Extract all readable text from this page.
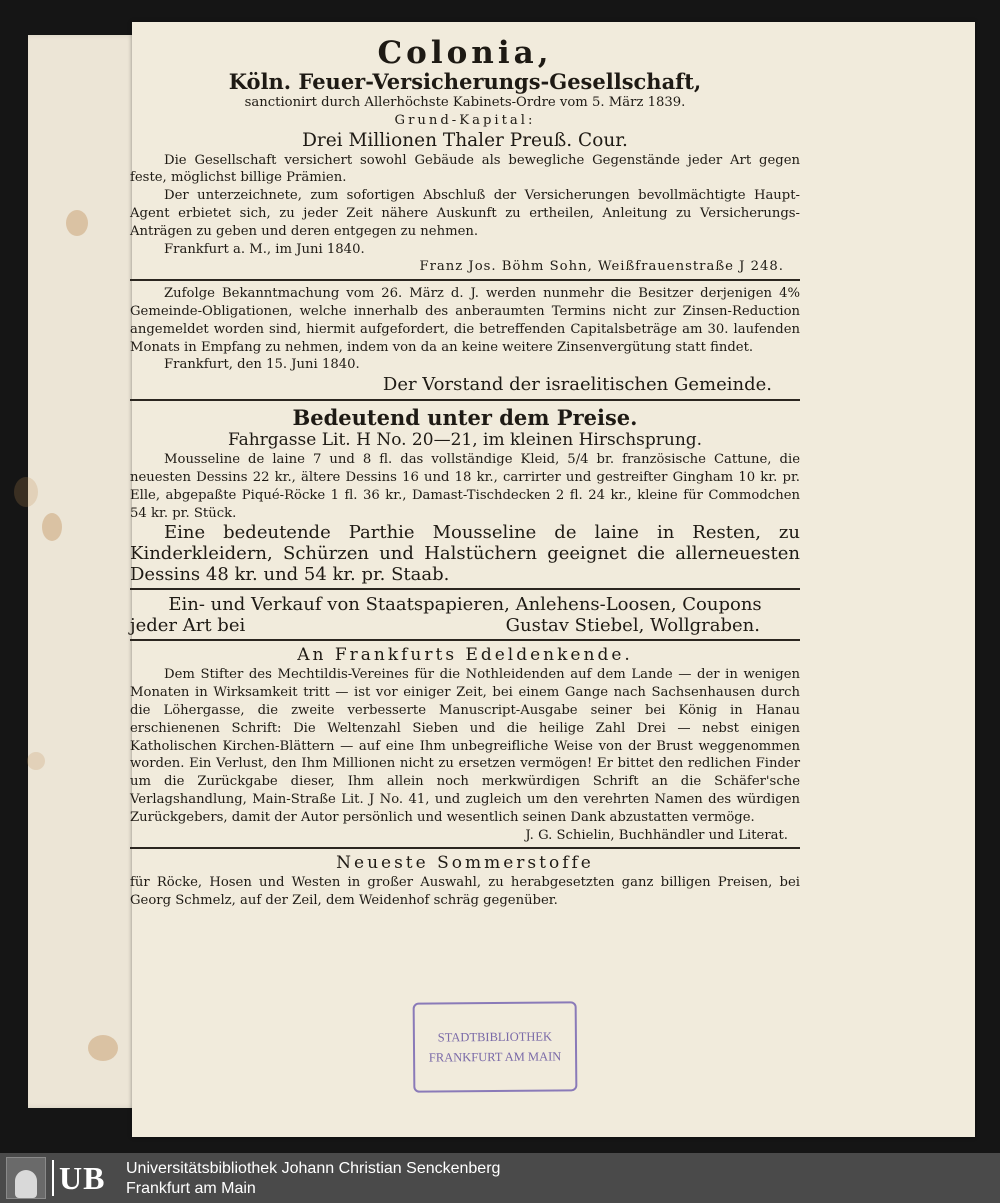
Colonia,
Köln. Feuer-Versicherungs-Gesellschaft,
sanctionirt durch Allerhöchste Kabinets-Ordre vom 5. März 1839.
Grund-Kapital:
Drei Millionen Thaler Preuß. Cour.
Die Gesellschaft versichert sowohl Gebäude als bewegliche Gegenstände jeder Art gegen feste, möglichst billige Prämien.
Der unterzeichnete, zum sofortigen Abschluß der Versicherungen bevollmächtigte Haupt-Agent erbietet sich, zu jeder Zeit nähere Auskunft zu ertheilen, Anleitung zu Versicherungs-Anträgen zu geben und deren entgegen zu nehmen.
Frankfurt a. M., im Juni 1840.
Franz Jos. Böhm Sohn, Weißfrauenstraße J 248.
Zufolge Bekanntmachung vom 26. März d. J. werden nunmehr die Besitzer derjenigen 4% Gemeinde-Obligationen, welche innerhalb des anberaumten Termins nicht zur Zinsen-Reduction angemeldet worden sind, hiermit aufgefordert, die betreffenden Capitalsbeträge am 30. laufenden Monats in Empfang zu nehmen, indem von da an keine weitere Zinsenvergütung statt findet.
Frankfurt, den 15. Juni 1840.
Der Vorstand der israelitischen Gemeinde.
Bedeutend unter dem Preise.
Fahrgasse Lit. H No. 20—21, im kleinen Hirschsprung.
Mousseline de laine 7 und 8 fl. das vollständige Kleid, 5/4 br. französische Cattune, die neuesten Dessins 22 kr., ältere Dessins 16 und 18 kr., carrirter und gestreifter Gingham 10 kr. pr. Elle, abgepaßte Piqué-Röcke 1 fl. 36 kr., Damast-Tischdecken 2 fl. 24 kr., kleine für Commodchen 54 kr. pr. Stück.
Eine bedeutende Parthie Mousseline de laine in Resten, zu Kinderkleidern, Schürzen und Halstüchern geeignet die allerneuesten Dessins 48 kr. und 54 kr. pr. Staab.
Ein- und Verkauf von Staatspapieren, Anlehens-Loosen, Coupons
jeder Art bei	Gustav Stiebel, Wollgraben.
An Frankfurts Edeldenkende.
Dem Stifter des Mechtildis-Vereines für die Nothleidenden auf dem Lande — der in wenigen Monaten in Wirksamkeit tritt — ist vor einiger Zeit, bei einem Gange nach Sachsenhausen durch die Löhergasse, die zweite verbesserte Manuscript-Ausgabe seiner bei König in Hanau erschienenen Schrift: Die Weltenzahl Sieben und die heilige Zahl Drei — nebst einigen Katholischen Kirchen-Blättern — auf eine Ihm unbegreifliche Weise von der Brust weggenommen worden. Ein Verlust, den Ihm Millionen nicht zu ersetzen vermögen! Er bittet den redlichen Finder um die Zurückgabe dieser, Ihm allein noch merkwürdigen Schrift an die Schäfer'sche Verlagshandlung, Main-Straße Lit. J No. 41, und zugleich um den verehrten Namen des würdigen Zurückgebers, damit der Autor persönlich und wesentlich seinen Dank abzustatten vermöge.
J. G. Schielin, Buchhändler und Literat.
Neueste Sommerstoffe
für Röcke, Hosen und Westen in großer Auswahl, zu herabgesetzten ganz billigen Preisen, bei Georg Schmelz, auf der Zeil, dem Weidenhof schräg gegenüber.
STADTBIBLIOTHEK
FRANKFURT AM MAIN
UB Universitätsbibliothek Johann Christian Senckenberg
Frankfurt am Main
